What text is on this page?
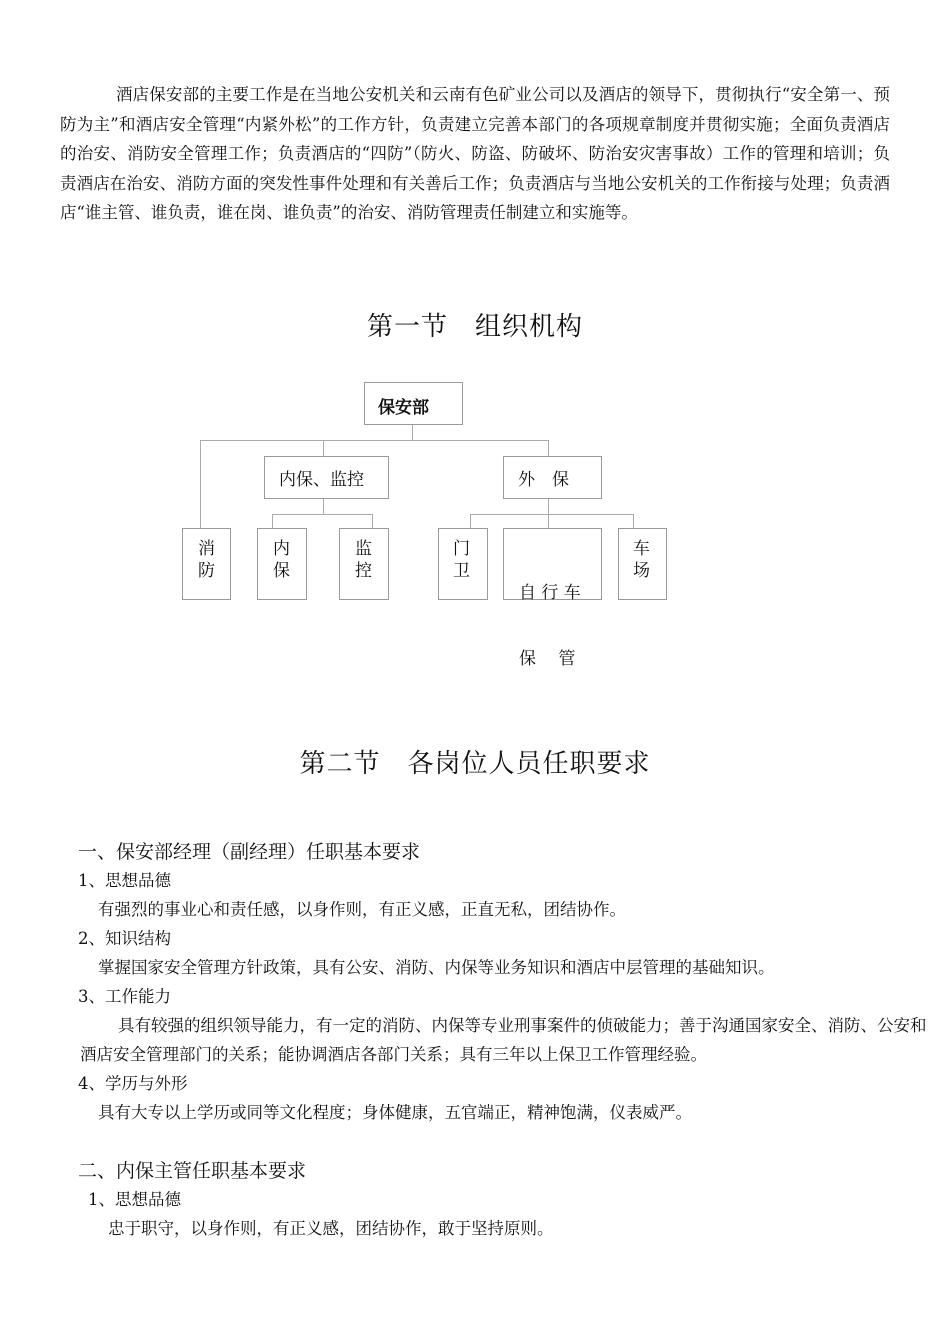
酒店保安部的主要工作是在当地公安机关和云南有色矿业公司以及酒店的领导下，贯彻执行“安全第一、预防为主”和酒店安全管理“内紧外松”的工作方针，负责建立完善本部门的各项规章制度并贯彻实施；全面负责酒店的治安、消防安全管理工作；负责酒店的“四防”（防火、防盗、防破坏、防治安灾害事故）工作的管理和培训；负责酒店在治安、消防方面的突发性事件处理和有关善后工作；负责酒店与当地公安机关的工作衔接与处理；负责酒店“谁主管、谁负责，谁在岗、谁负责”的治安、消防管理责任制建立和实施等。

第一节　组织机构
保安部
内保、监控	外　保
消
防
内
保
监
控
门
卫

自 行 车

保　 管

车
场
第二节　各岗位人员任职要求
一、保安部经理（副经理）任职基本要求
1、思想品德
有强烈的事业心和责任感，以身作则，有正义感，正直无私，团结协作。
2、知识结构
掌握国家安全管理方针政策，具有公安、消防、内保等业务知识和酒店中层管理的基础知识。
3、工作能力
具有较强的组织领导能力，有一定的消防、内保等专业刑事案件的侦破能力；善于沟通国家安全、消防、公安和酒店安全管理部门的关系；能协调酒店各部门关系；具有三年以上保卫工作管理经验。
4、学历与外形
具有大专以上学历或同等文化程度；身体健康，五官端正，精神饱满，仪表威严。
二、内保主管任职基本要求
1、思想品德
忠于职守，以身作则，有正义感，团结协作，敢于坚持原则。
